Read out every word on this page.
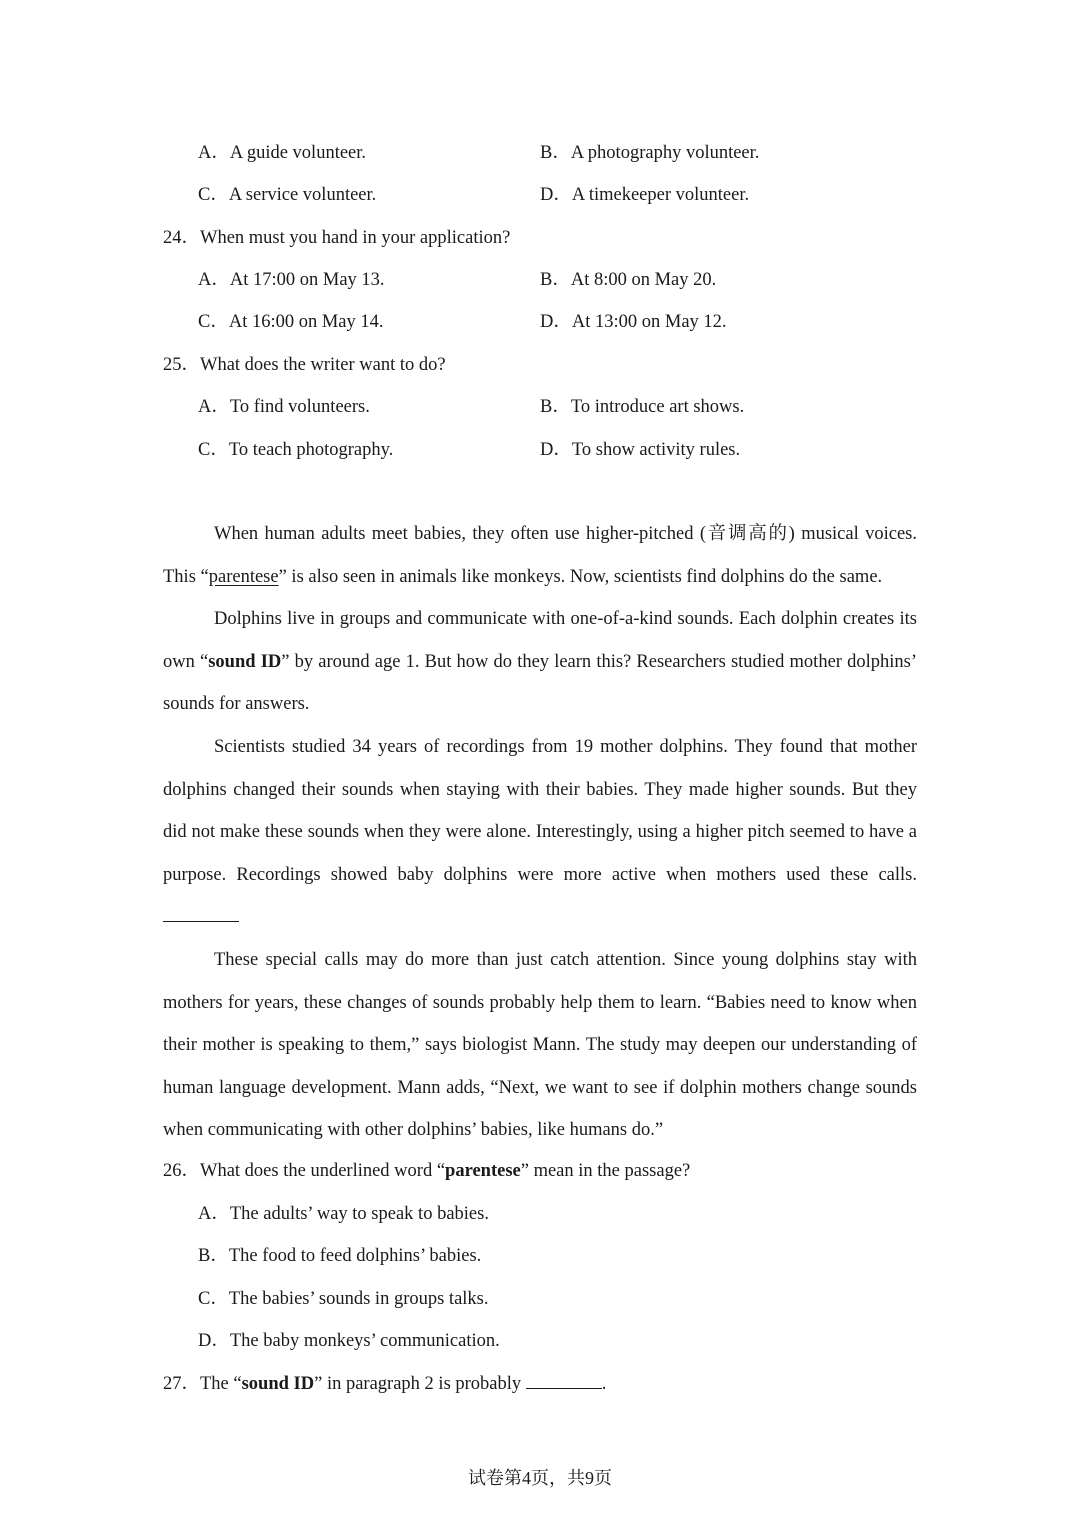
A．A guide volunteer.	B．A photography volunteer.
C．A service volunteer.	D．A timekeeper volunteer.
24．When must you hand in your application?
A．At 17:00 on May 13.	B．At 8:00 on May 20.
C．At 16:00 on May 14.	D．At 13:00 on May 12.
25．What does the writer want to do?
A．To find volunteers.	B．To introduce art shows.
C．To teach photography.	D．To show activity rules.

When human adults meet babies, they often use higher-pitched (音调高的) musical voices. This “parentese” is also seen in animals like monkeys. Now, scientists find dolphins do the same.

Dolphins live in groups and communicate with one-of-a-kind sounds. Each dolphin creates its own “sound ID” by around age 1. But how do they learn this? Researchers studied mother dolphins’ sounds for answers.

Scientists studied 34 years of recordings from 19 mother dolphins. They found that mother dolphins changed their sounds when staying with their babies. They made higher sounds. But they did not make these sounds when they were alone. Interestingly, using a higher pitch seemed to have a purpose. Recordings showed baby dolphins were more active when mothers used these calls.

These special calls may do more than just catch attention. Since young dolphins stay with mothers for years, these changes of sounds probably help them to learn. “Babies need to know when their mother is speaking to them,” says biologist Mann. The study may deepen our understanding of human language development. Mann adds, “Next, we want to see if dolphin mothers change sounds when communicating with other dolphins’ babies, like humans do.”

26．What does the underlined word “parentese” mean in the passage?
A．The adults’ way to speak to babies.
B．The food to feed dolphins’ babies.
C．The babies’ sounds in groups talks.
D．The baby monkeys’ communication.
27．The “sound ID” in paragraph 2 is probably	.
试卷第4页，共9页
